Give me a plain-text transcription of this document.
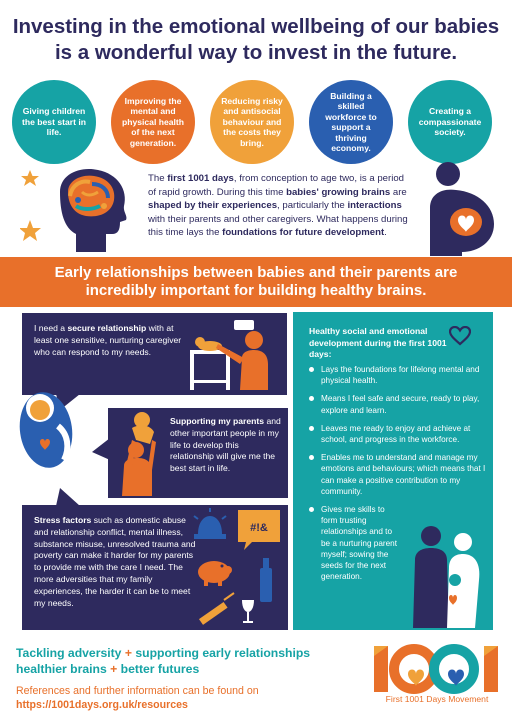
Investing in the emotional wellbeing of our babies
is a wonderful way to invest in the future.
Giving children the best start in life.
Improving the mental and physical health of the next generation.
Reducing risky and antisocial behaviour and the costs they bring.
Building a skilled workforce to support a thriving economy.
Creating a compassionate society.

The first 1001 days, from conception to age two, is a period of rapid growth. During this time babies' growing brains are shaped by their experiences, particularly the interactions with their parents and other caregivers. What happens during this time lays the foundations for future development.

Early relationships between babies and their parents are
incredibly important for building healthy brains.

I need a secure relationship with at least one sensitive, nurturing caregiver who can respond to my needs.

Supporting my parents and other important people in my life to develop this relationship will give me the best start in life.

Stress factors such as domestic abuse and relationship conflict, mental illness, substance misuse, unresolved trauma and poverty can make it harder for my parents to provide me with the care I need. The more adversities that my family experiences, the harder it can be to meet my needs.

#!&

Healthy social and emotional development during the first 1001 days:

Lays the foundations for lifelong mental and physical health.
Means I feel safe and secure, ready to play, explore and learn.
Leaves me ready to enjoy and achieve at school, and progress in the workforce.
Enables me to understand and manage my emotions and behaviours; which means that I can make a positive contribution to my community.
Gives me skills to form trusting relationships and to be a nurturing parent myself; sowing the seeds for the next generation.
Tackling adversity + supporting early relationships
healthier brains + better futures
References and further information can be found on
https://1001days.org.uk/resources	First 1001 Days Movement
